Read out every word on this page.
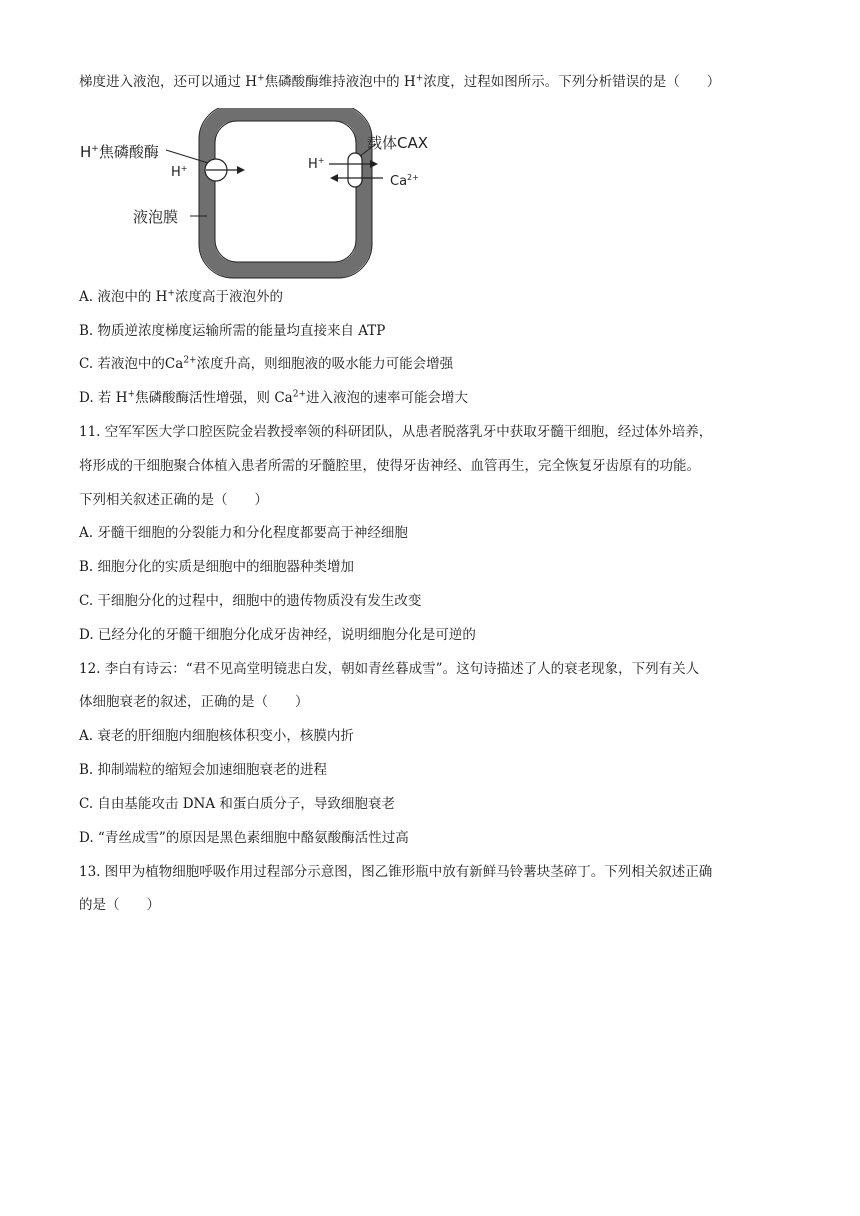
梯度进入液泡，还可以通过 H+焦磷酸酶维持液泡中的 H+浓度，过程如图所示。下列分析错误的是（　　）
H+焦磷酸酶
H+
液泡膜
载体CAX
H+
$Ca^{2+}$
A. 液泡中的 H+浓度高于液泡外的
B. 物质逆浓度梯度运输所需的能量均直接来自 ATP
C. 若液泡中的$Ca^{2+}$浓度升高，则细胞液的吸水能力可能会增强
D. 若 H+焦磷酸酶活性增强，则 $Ca^{2+}$进入液泡的速率可能会增大
11. 空军军医大学口腔医院金岩教授率领的科研团队，从患者脱落乳牙中获取牙髓干细胞，经过体外培养，
将形成的干细胞聚合体植入患者所需的牙髓腔里，使得牙齿神经、血管再生，完全恢复牙齿原有的功能。
下列相关叙述正确的是（　　）
A. 牙髓干细胞的分裂能力和分化程度都要高于神经细胞
B. 细胞分化的实质是细胞中的细胞器种类增加
C. 干细胞分化的过程中，细胞中的遗传物质没有发生改变
D. 已经分化的牙髓干细胞分化成牙齿神经，说明细胞分化是可逆的
12. 李白有诗云：“君不见高堂明镜悲白发，朝如青丝暮成雪”。这句诗描述了人的衰老现象，下列有关人
体细胞衰老的叙述，正确的是（　　）
A. 衰老的肝细胞内细胞核体积变小，核膜内折
B. 抑制端粒的缩短会加速细胞衰老的进程
C. 自由基能攻击 DNA 和蛋白质分子，导致细胞衰老
D. “青丝成雪”的原因是黑色素细胞中酪氨酸酶活性过高
13. 图甲为植物细胞呼吸作用过程部分示意图，图乙锥形瓶中放有新鲜马铃薯块茎碎丁。下列相关叙述正确
的是（　　）
